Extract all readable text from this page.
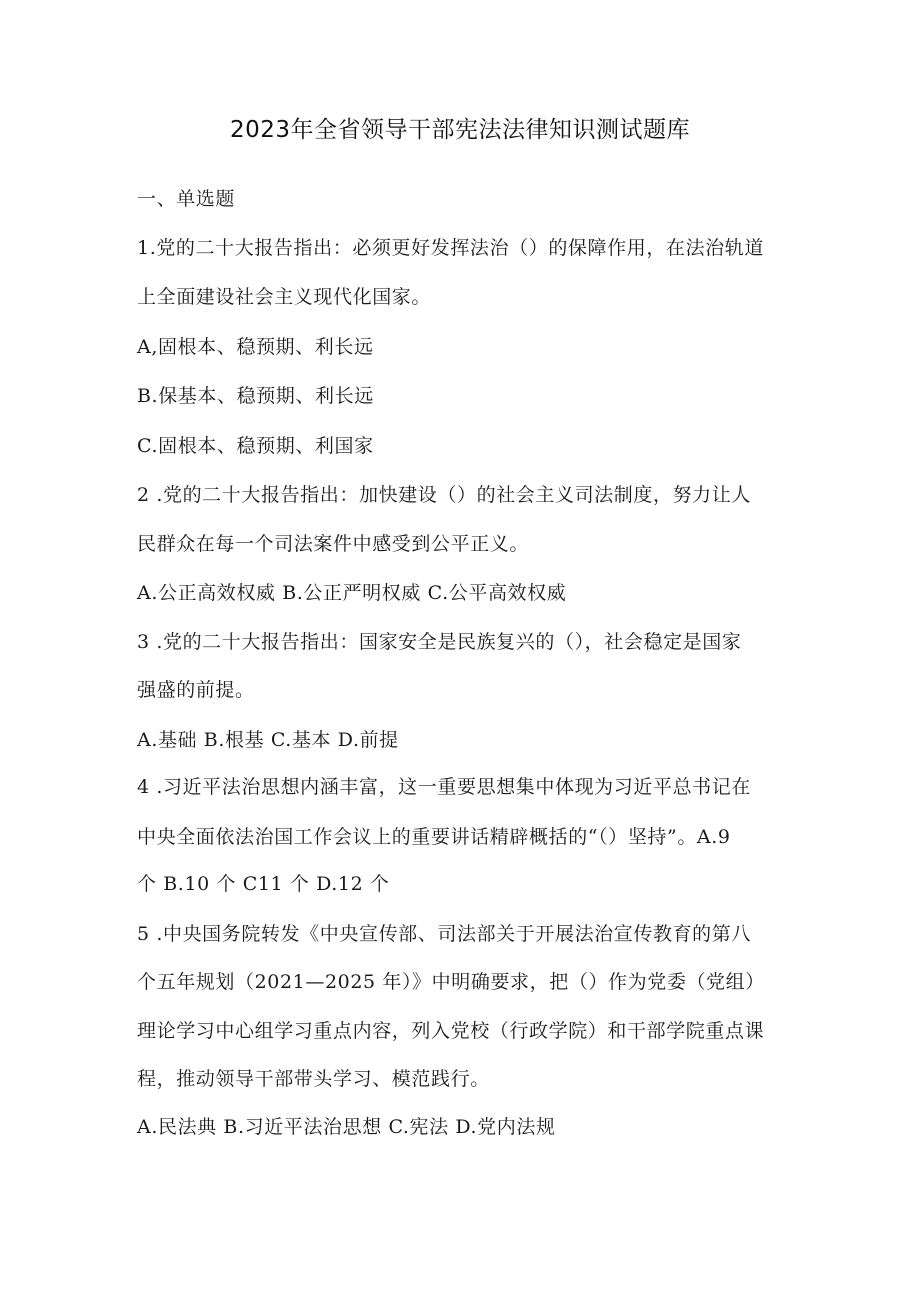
2023年全省领导干部宪法法律知识测试题库
一、单选题
1.党的二十大报告指出：必须更好发挥法治（）的保障作用，在法治轨道
上全面建设社会主义现代化国家。
A,固根本、稳预期、利长远
B.保基本、稳预期、利长远
C.固根本、稳预期、利国家
2 .党的二十大报告指出：加快建设（）的社会主义司法制度，努力让人
民群众在每一个司法案件中感受到公平正义。
A.公正高效权威 B.公正严明权威 C.公平高效权威
3 .党的二十大报告指出：国家安全是民族复兴的（），社会稳定是国家
强盛的前提。
A.基础 B.根基 C.基本 D.前提
4 .习近平法治思想内涵丰富，这一重要思想集中体现为习近平总书记在
中央全面依法治国工作会议上的重要讲话精辟概括的“（）坚持”。A.9
个 B.10 个 C11 个 D.12 个
5 .中央国务院转发《中央宣传部、司法部关于开展法治宣传教育的第八
个五年规划（2021—2025 年）》中明确要求，把（）作为党委（党组）
理论学习中心组学习重点内容，列入党校（行政学院）和干部学院重点课
程，推动领导干部带头学习、模范践行。
A.民法典 B.习近平法治思想 C.宪法 D.党内法规
